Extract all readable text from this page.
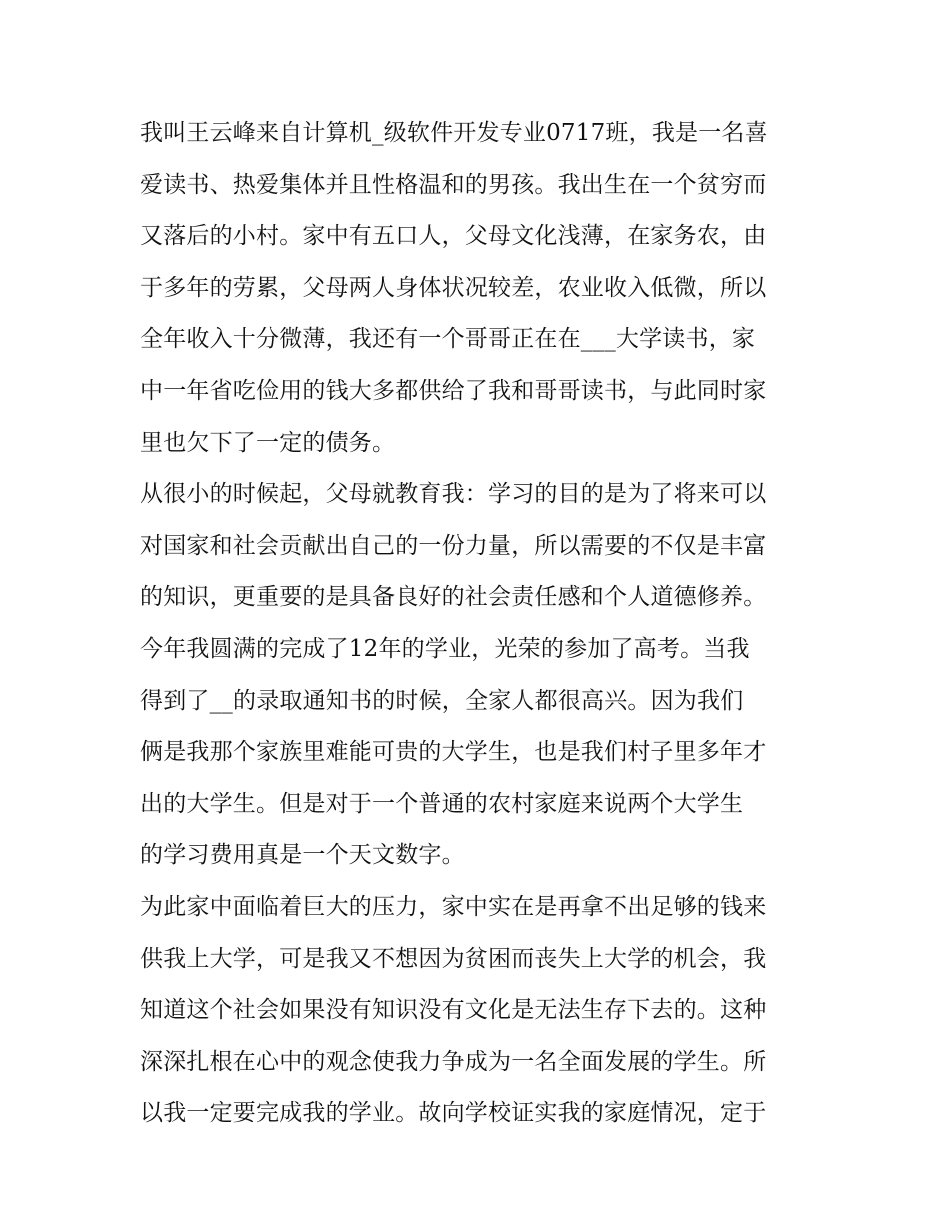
我叫王云峰来自计算机_级软件开发专业0717班，我是一名喜
爱读书、热爱集体并且性格温和的男孩。我出生在一个贫穷而
又落后的小村。家中有五口人，父母文化浅薄，在家务农，由
于多年的劳累，父母两人身体状况较差，农业收入低微，所以
全年收入十分微薄，我还有一个哥哥正在在___大学读书，家
中一年省吃俭用的钱大多都供给了我和哥哥读书，与此同时家
里也欠下了一定的债务。
从很小的时候起，父母就教育我：学习的目的是为了将来可以
对国家和社会贡献出自己的一份力量，所以需要的不仅是丰富
的知识，更重要的是具备良好的社会责任感和个人道德修养。
今年我圆满的完成了12年的学业，光荣的参加了高考。当我
得到了__的录取通知书的时候，全家人都很高兴。因为我们
俩是我那个家族里难能可贵的大学生，也是我们村子里多年才
出的大学生。但是对于一个普通的农村家庭来说两个大学生
的学习费用真是一个天文数字。
为此家中面临着巨大的压力，家中实在是再拿不出足够的钱来
供我上大学，可是我又不想因为贫困而丧失上大学的机会，我
知道这个社会如果没有知识没有文化是无法生存下去的。这种
深深扎根在心中的观念使我力争成为一名全面发展的学生。所
以我一定要完成我的学业。故向学校证实我的家庭情况，定于
